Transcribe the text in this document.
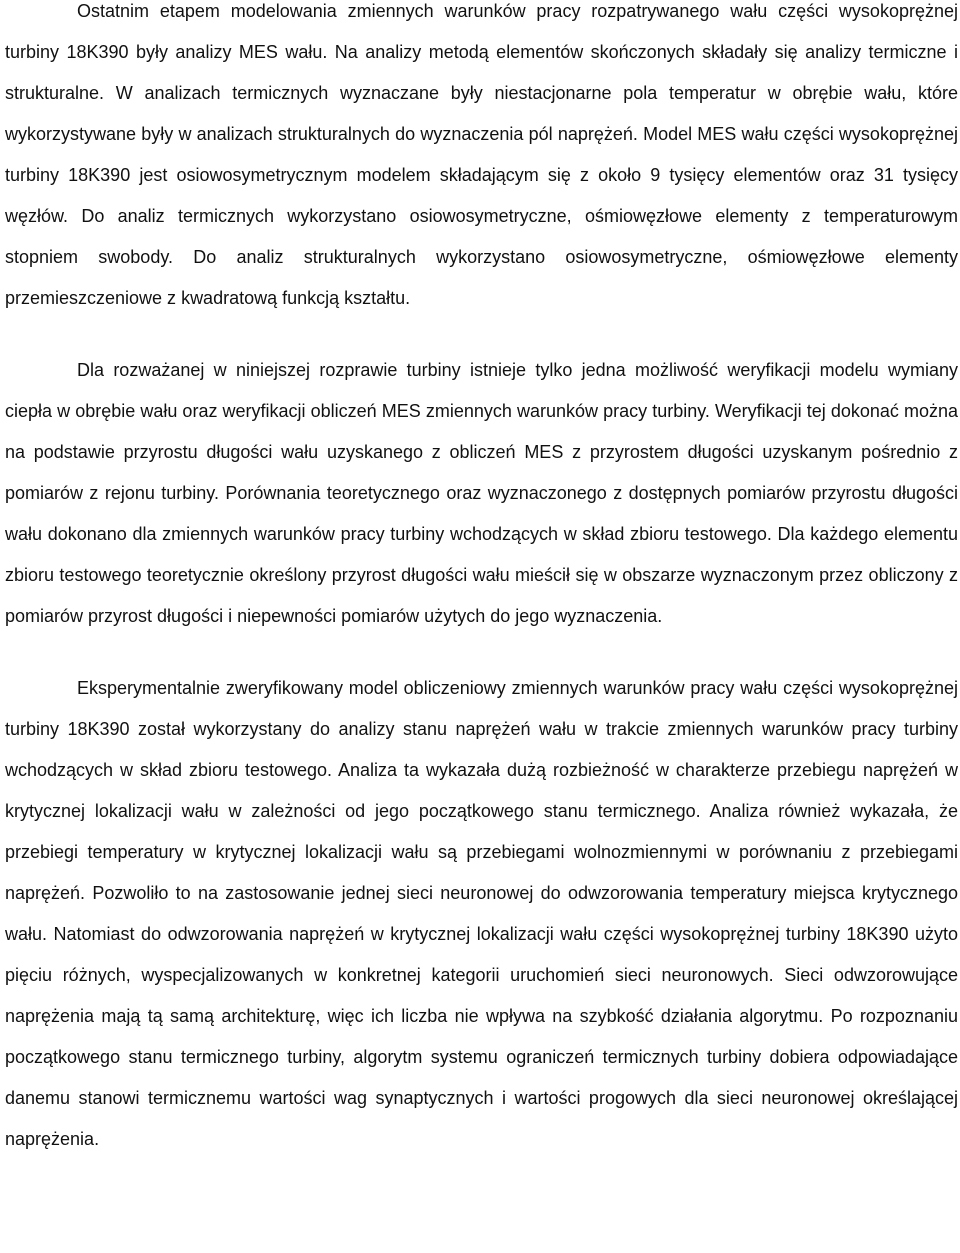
Ostatnim etapem modelowania zmiennych warunków pracy rozpatrywanego wału części wysokoprężnej turbiny 18K390 były analizy MES wału. Na analizy metodą elementów skończonych składały się analizy termiczne i strukturalne. W analizach termicznych wyznaczane były niestacjonarne pola temperatur w obrębie wału, które wykorzystywane były w analizach strukturalnych do wyznaczenia pól naprężeń. Model MES wału części wysokoprężnej turbiny 18K390 jest osiowosymetrycznym modelem składającym się z około 9 tysięcy elementów oraz 31 tysięcy węzłów. Do analiz termicznych wykorzystano osiowosymetryczne, ośmiowęzłowe elementy z temperaturowym stopniem swobody. Do analiz strukturalnych wykorzystano osiowosymetryczne, ośmiowęzłowe elementy przemieszczeniowe z kwadratową funkcją kształtu.

Dla rozważanej w niniejszej rozprawie turbiny istnieje tylko jedna możliwość weryfikacji modelu wymiany ciepła w obrębie wału oraz weryfikacji obliczeń MES zmiennych warunków pracy turbiny. Weryfikacji tej dokonać można na podstawie przyrostu długości wału uzyskanego z obliczeń MES z przyrostem długości uzyskanym pośrednio z pomiarów z rejonu turbiny. Porównania teoretycznego oraz wyznaczonego z dostępnych pomiarów przyrostu długości wału dokonano dla zmiennych warunków pracy turbiny wchodzących w skład zbioru testowego. Dla każdego elementu zbioru testowego teoretycznie określony przyrost długości wału mieścił się w obszarze wyznaczonym przez obliczony z pomiarów przyrost długości i niepewności pomiarów użytych do jego wyznaczenia.

Eksperymentalnie zweryfikowany model obliczeniowy zmiennych warunków pracy wału części wysokoprężnej turbiny 18K390 został wykorzystany do analizy stanu naprężeń wału w trakcie zmiennych warunków pracy turbiny wchodzących w skład zbioru testowego. Analiza ta wykazała dużą rozbieżność w charakterze przebiegu naprężeń w krytycznej lokalizacji wału w zależności od jego początkowego stanu termicznego. Analiza również wykazała, że przebiegi temperatury w krytycznej lokalizacji wału są przebiegami wolnozmiennymi w porównaniu z przebiegami naprężeń. Pozwoliło to na zastosowanie jednej sieci neuronowej do odwzorowania temperatury miejsca krytycznego wału. Natomiast do odwzorowania naprężeń w krytycznej lokalizacji wału części wysokoprężnej turbiny 18K390 użyto pięciu różnych, wyspecjalizowanych w konkretnej kategorii uruchomień sieci neuronowych. Sieci odwzorowujące naprężenia mają tą samą architekturę, więc ich liczba nie wpływa na szybkość działania algorytmu. Po rozpoznaniu początkowego stanu termicznego turbiny, algorytm systemu ograniczeń termicznych turbiny dobiera odpowiadające danemu stanowi termicznemu wartości wag synaptycznych i wartości progowych dla sieci neuronowej określającej naprężenia.
